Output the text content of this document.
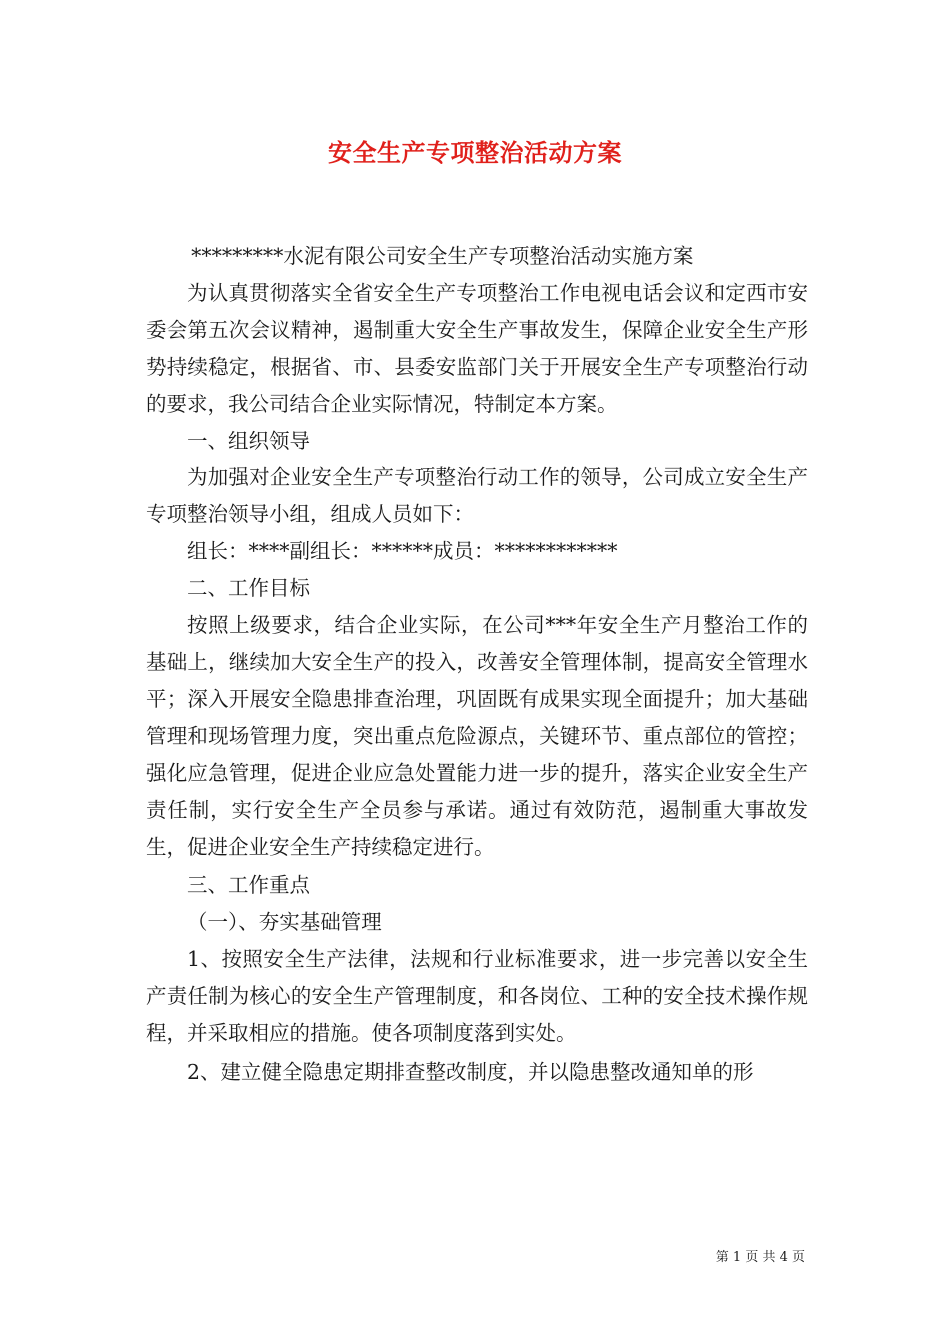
安全生产专项整治活动方案

*********水泥有限公司安全生产专项整治活动实施方案

为认真贯彻落实全省安全生产专项整治工作电视电话会议和定西市安委会第五次会议精神，遏制重大安全生产事故发生，保障企业安全生产形势持续稳定，根据省、市、县委安监部门关于开展安全生产专项整治行动的要求，我公司结合企业实际情况，特制定本方案。

一、组织领导

为加强对企业安全生产专项整治行动工作的领导，公司成立安全生产专项整治领导小组，组成人员如下：

组长：****副组长：******成员：************

二、工作目标

按照上级要求，结合企业实际，在公司***年安全生产月整治工作的基础上，继续加大安全生产的投入，改善安全管理体制，提高安全管理水平；深入开展安全隐患排查治理，巩固既有成果实现全面提升；加大基础管理和现场管理力度，突出重点危险源点，关键环节、重点部位的管控；强化应急管理，促进企业应急处置能力进一步的提升，落实企业安全生产责任制，实行安全生产全员参与承诺。通过有效防范，遏制重大事故发生，促进企业安全生产持续稳定进行。

三、工作重点

（一）、夯实基础管理

1、按照安全生产法律，法规和行业标准要求，进一步完善以安全生产责任制为核心的安全生产管理制度，和各岗位、工种的安全技术操作规程，并采取相应的措施。使各项制度落到实处。

2、建立健全隐患定期排查整改制度，并以隐患整改通知单的形

第 1 页 共 4 页
